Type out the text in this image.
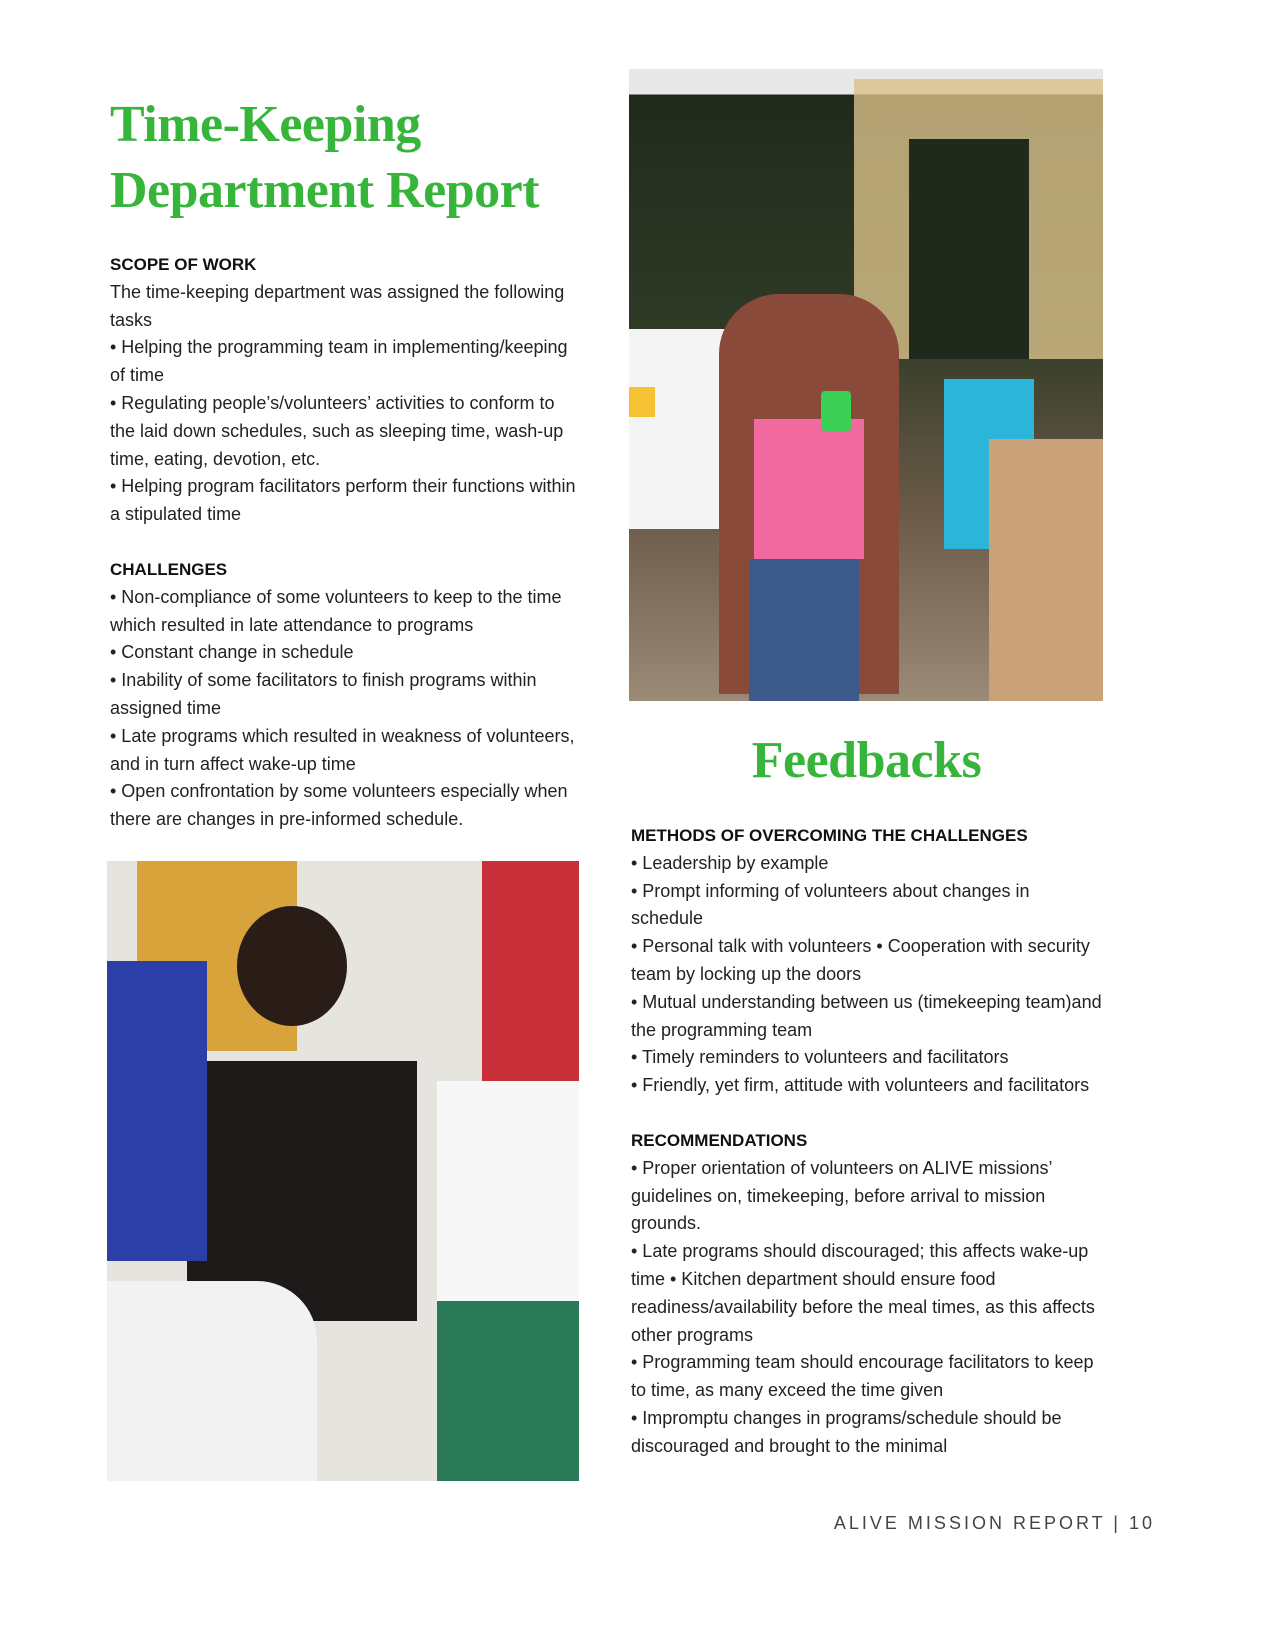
Time-Keeping Department Report
SCOPE OF WORK

The time-keeping department was assigned the following tasks

• Helping the programming team in implementing/keeping of time

• Regulating people’s/volunteers’ activities to conform to the laid down schedules, such as sleeping time, wash-up time, eating, devotion, etc.

• Helping program facilitators perform their functions within a stipulated time

CHALLENGES

• Non-compliance of some volunteers to keep to the time which resulted in late attendance to programs

• Constant change in schedule

• Inability of some facilitators to finish programs within assigned time

• Late programs which resulted in weakness of volunteers, and in turn affect wake-up time

• Open confrontation by some volunteers especially when there are changes in pre-informed schedule.

Feedbacks
METHODS OF OVERCOMING THE CHALLENGES

• Leadership by example

• Prompt informing of volunteers about changes in schedule

• Personal talk with volunteers • Cooperation with security team by locking up the doors

• Mutual understanding between us (timekeeping team)and the programming team

• Timely reminders to volunteers and facilitators

• Friendly, yet firm, attitude with volunteers and facilitators

RECOMMENDATIONS

• Proper orientation of volunteers on ALIVE missions’ guidelines on, timekeeping, before arrival to mission grounds.

• Late programs should discouraged; this affects wake-up time • Kitchen department should ensure food readiness/availability before the meal times, as this affects other programs

• Programming team should encourage facilitators to keep to time, as many exceed the time given

• Impromptu changes in programs/schedule should be discouraged and brought to the minimal

ALIVE MISSION REPORT | 10
